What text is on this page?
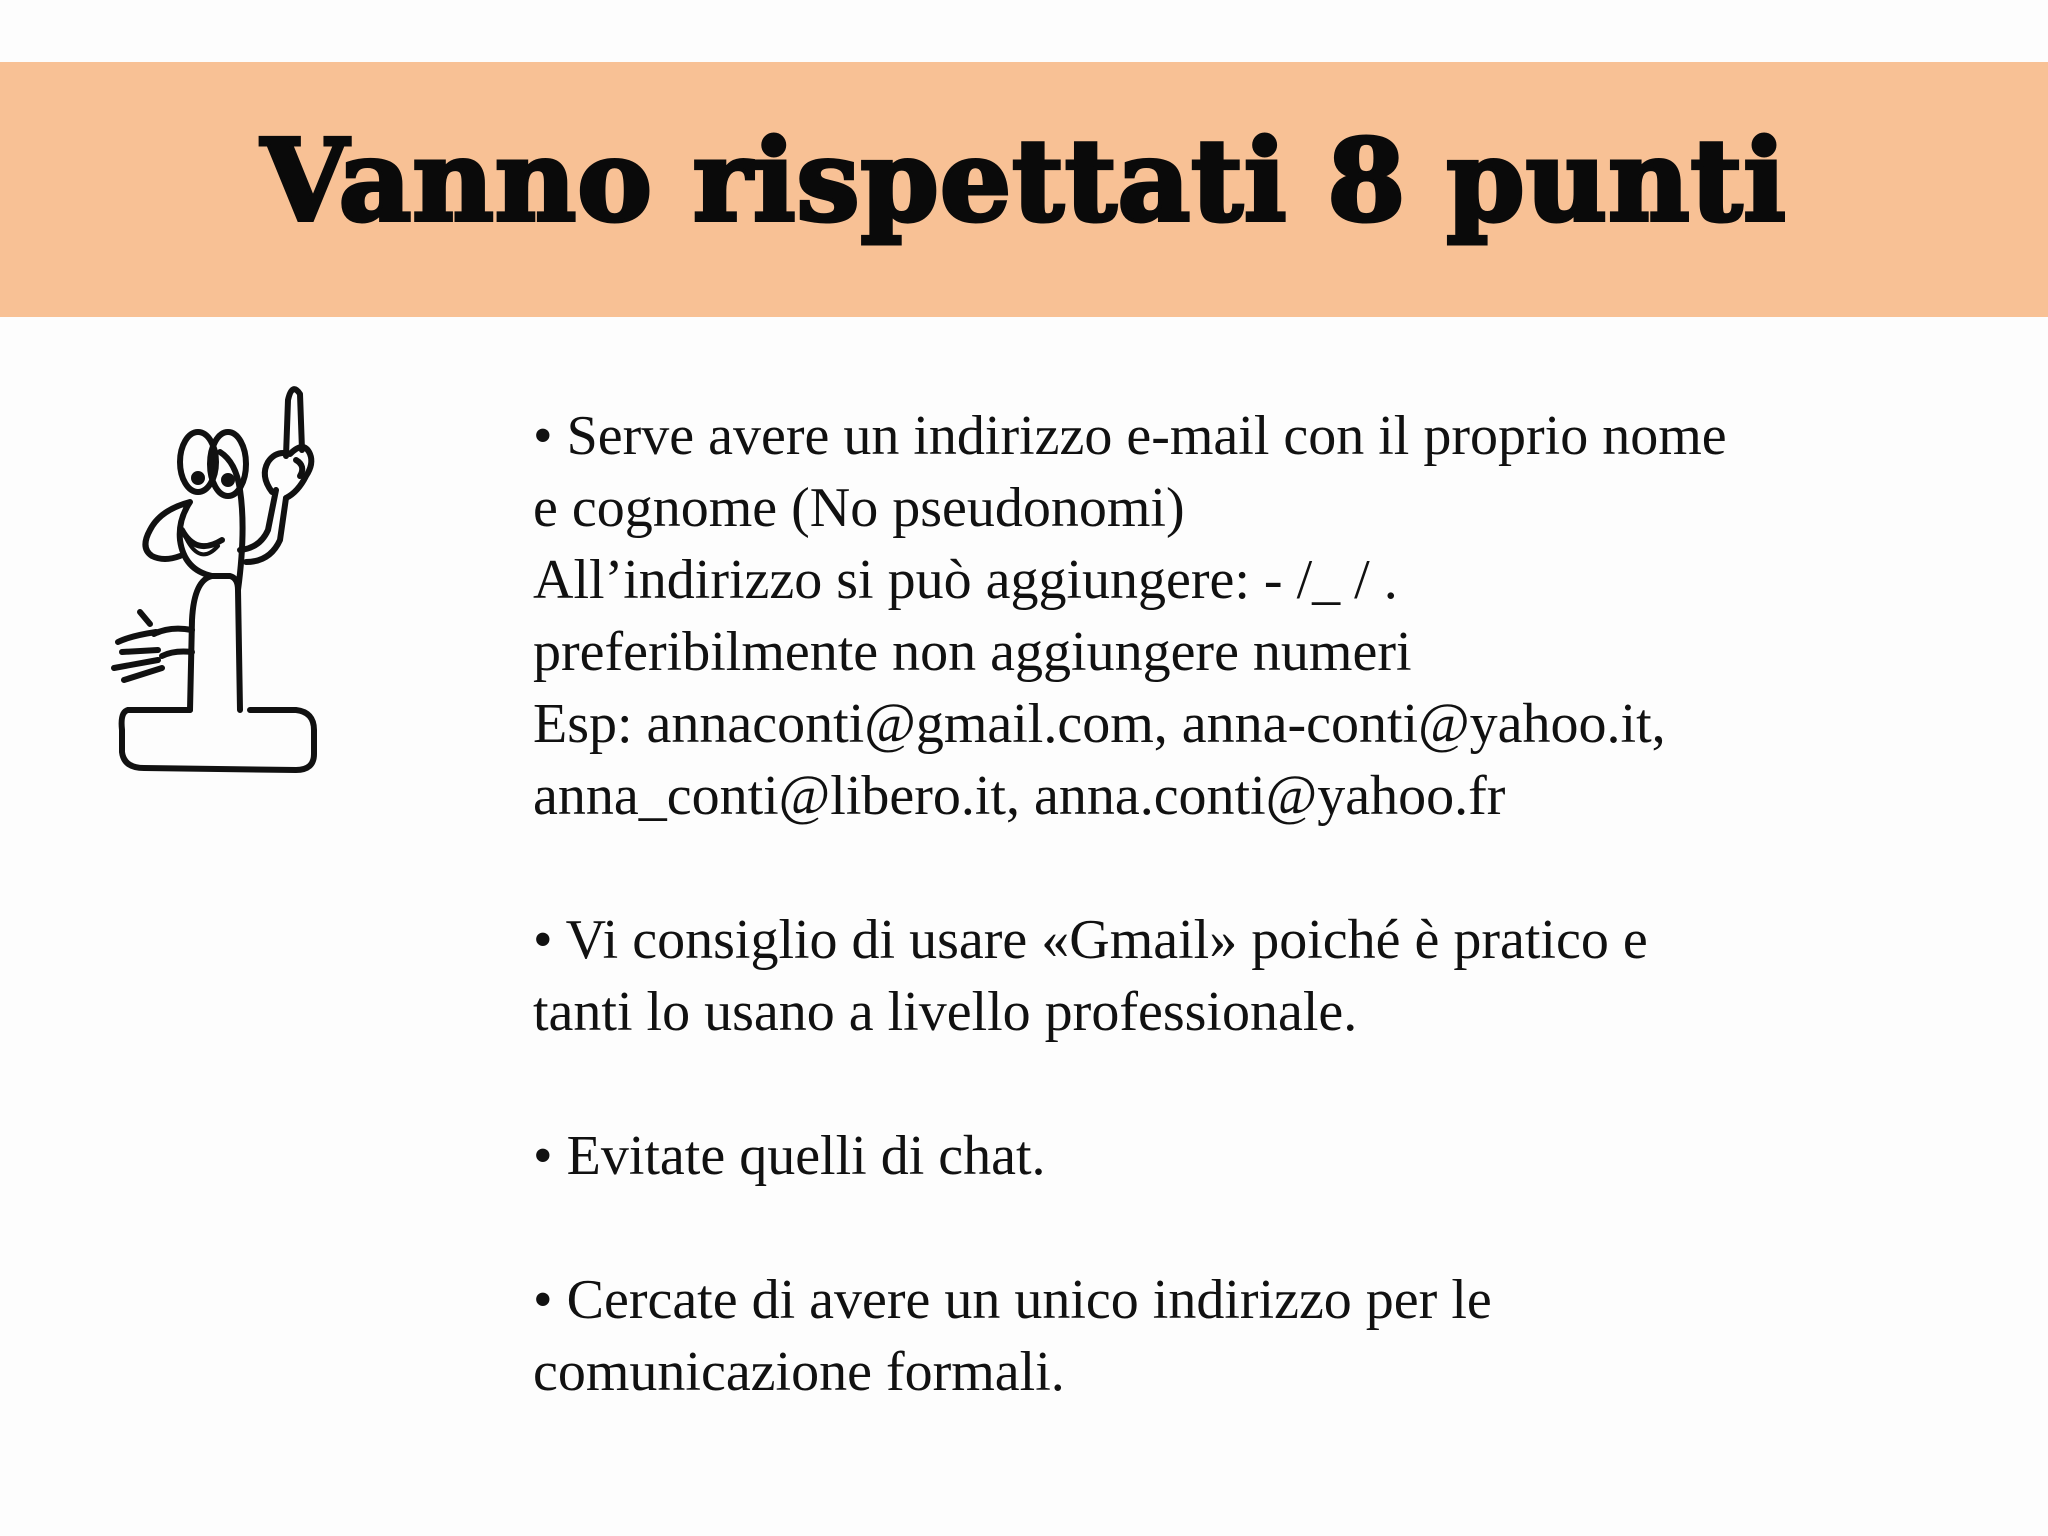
Vanno rispettati 8 punti

• Serve avere un indirizzo e-mail con il proprio nome
e cognome (No pseudonomi)
All’indirizzo si può aggiungere: - /_ / .
preferibilmente non aggiungere numeri
Esp: annaconti@gmail.com, anna-conti@yahoo.it,
anna_conti@libero.it, anna.conti@yahoo.fr

• Vi consiglio di usare «Gmail» poiché è pratico e
tanti lo usano a livello professionale.

• Evitate quelli di chat.

• Cercate di avere un unico indirizzo per le
comunicazione formali.
